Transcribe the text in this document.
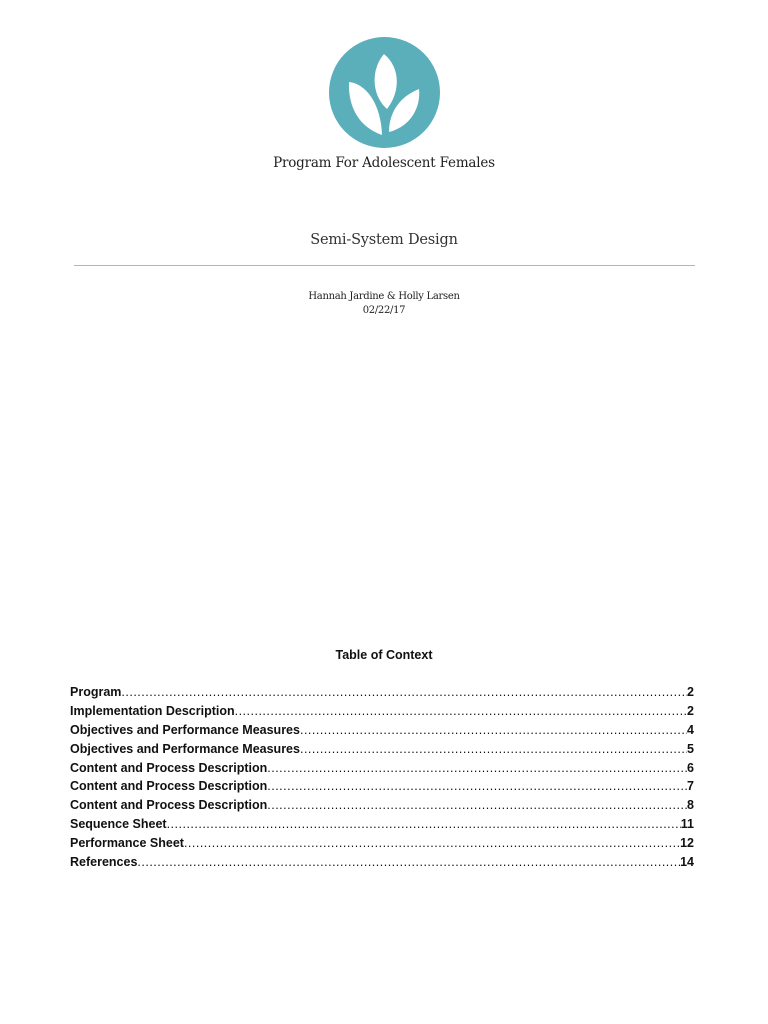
Program For Adolescent Females
Semi-System Design
Hannah Jardine & Holly Larsen
02/22/17
Table of Context
Program .....	2
Implementation Description .....	2
Objectives and Performance Measures .....	4
Objectives and Performance Measures .....	5
Content and Process Description .....	6
Content and Process Description .....	7
Content and Process Description .....	8
Sequence Sheet .....	11
Performance Sheet .....	12
References .....	14
